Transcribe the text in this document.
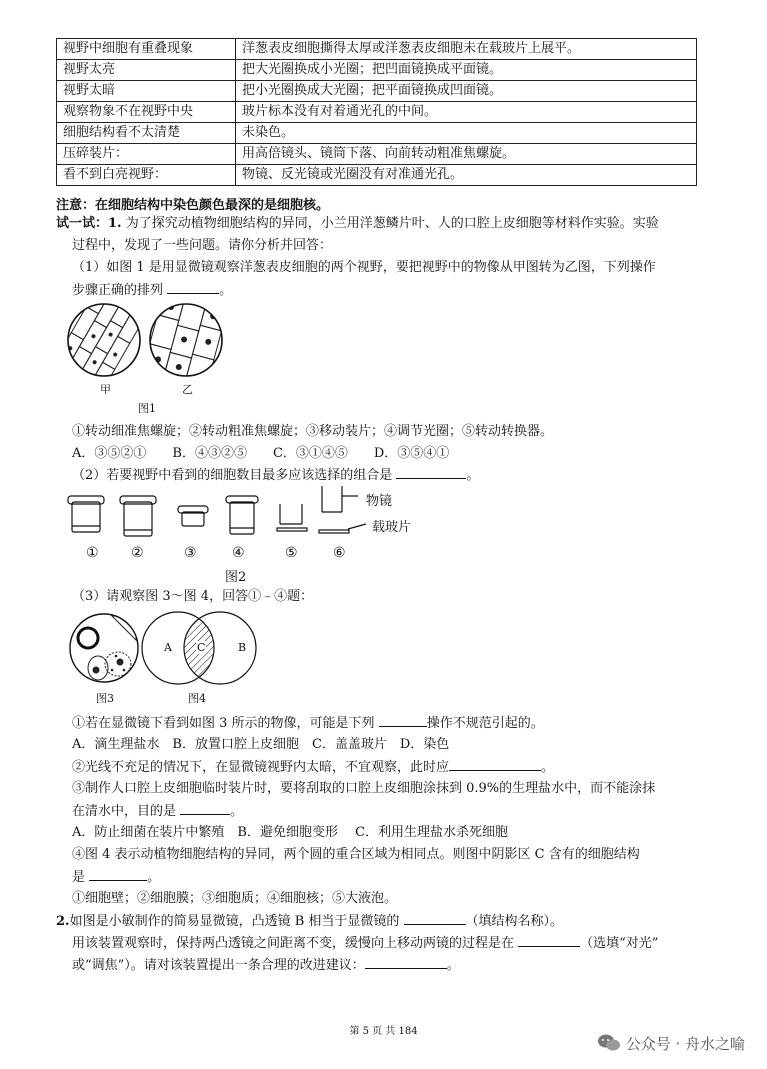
视野中细胞有重叠现象	洋葱表皮细胞撕得太厚或洋葱表皮细胞未在载玻片上展平。
视野太亮	把大光圈换成小光圈；把凹面镜换成平面镜。
视野太暗	把小光圈换成大光圈；把平面镜换成凹面镜。
观察物象不在视野中央	玻片标本没有对着通光孔的中间。
细胞结构看不太清楚	未染色。
压碎装片：	用高倍镜头、镜筒下落、向前转动粗准焦螺旋。
看不到白亮视野：	物镜、反光镜或光圈没有对准通光孔。
注意：在细胞结构中染色颜色最深的是细胞核。
试一试：1. 为了探究动植物细胞结构的异同，小兰用洋葱鳞片叶、人的口腔上皮细胞等材料作实验。实验
过程中，发现了一些问题。请你分析并回答：
（1）如图 1 是用显微镜观察洋葱表皮细胞的两个视野，要把视野中的物像从甲图转为乙图，下列操作
步骤正确的排列	。
甲	乙
图1
①转动细准焦螺旋；②转动粗准焦螺旋；③移动装片；④调节光圈；⑤转动转换器。
A．③⑤②①　　B．④③②⑤　　C．③①④⑤　　D．③⑤④①
（2）若要视野中看到的细胞数目最多应该选择的组合是	。
物镜
载玻片
① ②	③	④	⑤	⑥
图2
（3）请观察图 3～图 4，回答①﹣④题：
A C	B
图3	图4
①若在显微镜下看到如图 3 所示的物像，可能是下列	操作不规范引起的。
A．滴生理盐水　B．放置口腔上皮细胞　C．盖盖玻片　D．染色
②光线不充足的情况下，在显微镜视野内太暗，不宜观察，此时应	。
③制作人口腔上皮细胞临时装片时，要将刮取的口腔上皮细胞涂抹到 0.9%的生理盐水中，而不能涂抹
在清水中，目的是	。
A．防止细菌在装片中繁殖　B．避免细胞变形　 C．利用生理盐水杀死细胞
④图 4 表示动植物细胞结构的异同，两个圆的重合区域为相同点。则图中阴影区 C 含有的细胞结构
是	。
①细胞壁；②细胞膜；③细胞质；④细胞核；⑤大液泡。
2.如图是小敏制作的简易显微镜，凸透镜 B 相当于显微镜的	（填结构名称）。
用该装置观察时，保持两凸透镜之间距离不变，缓慢向上移动两镜的过程是在	（选填“对光”
或“调焦”）。请对该装置提出一条合理的改进建议：	。
第 5 页 共 184
公众号 · 舟水之喻
